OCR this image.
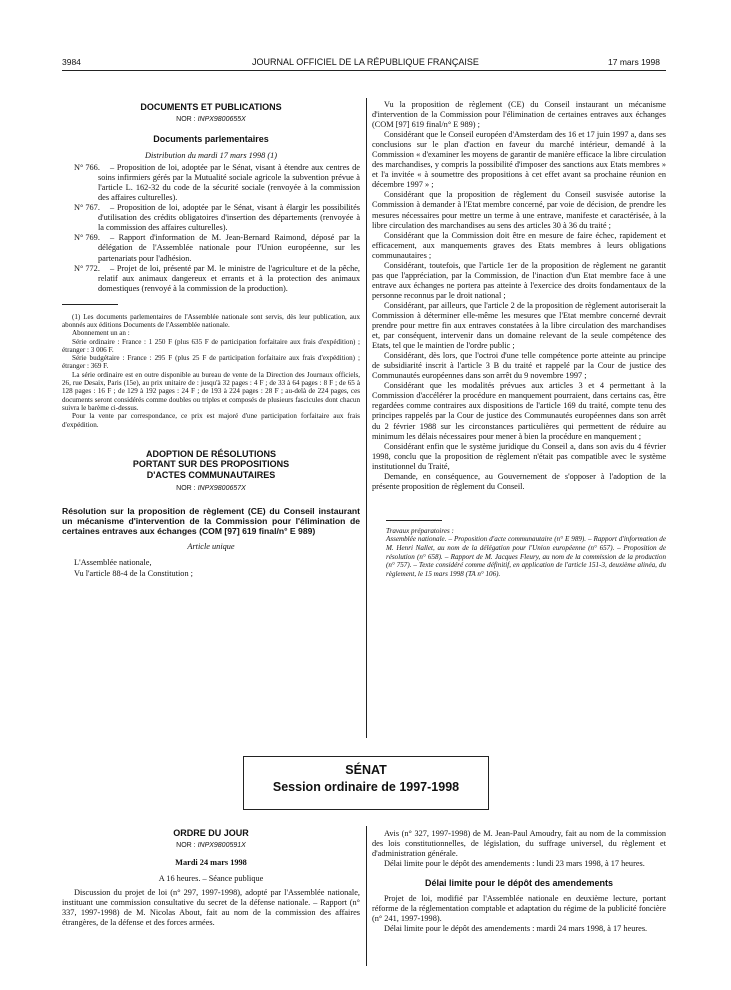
3984	JOURNAL OFFICIEL DE LA RÉPUBLIQUE FRANÇAISE	17 mars 1998
DOCUMENTS ET PUBLICATIONS
NOR : INPX9800655X
Documents parlementaires
Distribution du mardi 17 mars 1998 (1)

N° 766. – Proposition de loi, adoptée par le Sénat, visant à étendre aux centres de soins infirmiers gérés par la Mutualité sociale agricole la subvention prévue à l'article L. 162-32 du code de la sécurité sociale (renvoyée à la commission des affaires culturelles).

N° 767. – Proposition de loi, adoptée par le Sénat, visant à élargir les possibilités d'utilisation des crédits obligatoires d'insertion des départements (renvoyée à la commission des affaires culturelles).

N° 769. – Rapport d'information de M. Jean-Bernard Raimond, déposé par la délégation de l'Assemblée nationale pour l'Union européenne, sur les partenariats pour l'adhésion.

N° 772. – Projet de loi, présenté par M. le ministre de l'agriculture et de la pêche, relatif aux animaux dangereux et errants et à la protection des animaux domestiques (renvoyé à la commission de la production).

(1) Les documents parlementaires de l'Assemblée nationale sont servis, dès leur publication, aux abonnés aux éditions Documents de l'Assemblée nationale.

Abonnement un an :

Série ordinaire : France : 1 250 F (plus 635 F de participation forfaitaire aux frais d'expédition) ; étranger : 3 006 F.

Série budgétaire : France : 295 F (plus 25 F de participation forfaitaire aux frais d'expédition) ; étranger : 369 F.

La série ordinaire est en outre disponible au bureau de vente de la Direction des Journaux officiels, 26, rue Desaix, Paris (15e), au prix unitaire de : jusqu'à 32 pages : 4 F ; de 33 à 64 pages : 8 F ; de 65 à 128 pages : 16 F ; de 129 à 192 pages : 24 F ; de 193 à 224 pages : 28 F ; au-delà de 224 pages, ces documents seront considérés comme doubles ou triples et composés de plusieurs fascicules dont chacun suivra le barème ci-dessus.

Pour la vente par correspondance, ce prix est majoré d'une participation forfaitaire aux frais d'expédition.

ADOPTION DE RÉSOLUTIONS
PORTANT SUR DES PROPOSITIONS
D'ACTES COMMUNAUTAIRES
NOR : INPX9800657X
Résolution sur la proposition de règlement (CE) du Conseil instaurant un mécanisme d'intervention de la Commission pour l'élimination de certaines entraves aux échanges (COM [97] 619 final/n° E 989)
Article unique

L'Assemblée nationale,

Vu l'article 88-4 de la Constitution ;

Vu la proposition de règlement (CE) du Conseil instaurant un mécanisme d'intervention de la Commission pour l'élimination de certaines entraves aux échanges (COM [97] 619 final/n° E 989) ;

Considérant que le Conseil européen d'Amsterdam des 16 et 17 juin 1997 a, dans ses conclusions sur le plan d'action en faveur du marché intérieur, demandé à la Commission « d'examiner les moyens de garantir de manière efficace la libre circulation des marchandises, y compris la possibilité d'imposer des sanctions aux Etats membres » et l'a invitée « à soumettre des propositions à cet effet avant sa prochaine réunion en décembre 1997 » ;

Considérant que la proposition de règlement du Conseil susvisée autorise la Commission à demander à l'Etat membre concerné, par voie de décision, de prendre les mesures nécessaires pour mettre un terme à une entrave, manifeste et caractérisée, à la libre circulation des marchandises au sens des articles 30 à 36 du traité ;

Considérant que la Commission doit être en mesure de faire échec, rapidement et efficacement, aux manquements graves des Etats membres à leurs obligations communautaires ;

Considérant, toutefois, que l'article 1er de la proposition de règlement ne garantit pas que l'appréciation, par la Commission, de l'inaction d'un Etat membre face à une entrave aux échanges ne portera pas atteinte à l'exercice des droits fondamentaux de la personne reconnus par le droit national ;

Considérant, par ailleurs, que l'article 2 de la proposition de règlement autoriserait la Commission à déterminer elle-même les mesures que l'Etat membre concerné devrait prendre pour mettre fin aux entraves constatées à la libre circulation des marchandises et, par conséquent, intervenir dans un domaine relevant de la seule compétence des Etats, tel que le maintien de l'ordre public ;

Considérant, dès lors, que l'octroi d'une telle compétence porte atteinte au principe de subsidiarité inscrit à l'article 3 B du traité et rappelé par la Cour de justice des Communautés européennes dans son arrêt du 9 novembre 1997 ;

Considérant que les modalités prévues aux articles 3 et 4 permettant à la Commission d'accélérer la procédure en manquement pourraient, dans certains cas, être regardées comme contraires aux dispositions de l'article 169 du traité, compte tenu des principes rappelés par la Cour de justice des Communautés européennes dans son arrêt du 2 février 1988 sur les circonstances particulières qui permettent de réduire au minimum les délais nécessaires pour mener à bien la procédure en manquement ;

Considérant enfin que le système juridique du Conseil a, dans son avis du 4 février 1998, conclu que la proposition de règlement n'était pas compatible avec le système institutionnel du Traité,

Demande, en conséquence, au Gouvernement de s'opposer à l'adoption de la présente proposition de règlement du Conseil.

Travaux préparatoires :
Assemblée nationale. – Proposition d'acte communautaire (n° E 989). – Rapport d'information de M. Henri Nallet, au nom de la délégation pour l'Union européenne (n° 657). – Proposition de résolution (n° 658). – Rapport de M. Jacques Fleury, au nom de la commission de la production (n° 757). – Texte considéré comme définitif, en application de l'article 151-3, deuxième alinéa, du règlement, le 15 mars 1998 (TA n° 106).
SÉNAT
Session ordinaire de 1997-1998
ORDRE DU JOUR
NOR : INPX9800591X
Mardi 24 mars 1998
A 16 heures. – Séance publique

Discussion du projet de loi (n° 297, 1997-1998), adopté par l'Assemblée nationale, instituant une commission consultative du secret de la défense nationale. – Rapport (n° 337, 1997-1998) de M. Nicolas About, fait au nom de la commission des affaires étrangères, de la défense et des forces armées.

Avis (n° 327, 1997-1998) de M. Jean-Paul Amoudry, fait au nom de la commission des lois constitutionnelles, de législation, du suffrage universel, du règlement et d'administration générale.

Délai limite pour le dépôt des amendements : lundi 23 mars 1998, à 17 heures.

Délai limite pour le dépôt des amendements

Projet de loi, modifié par l'Assemblée nationale en deuxième lecture, portant réforme de la réglementation comptable et adaptation du régime de la publicité foncière (n° 241, 1997-1998).

Délai limite pour le dépôt des amendements : mardi 24 mars 1998, à 17 heures.
